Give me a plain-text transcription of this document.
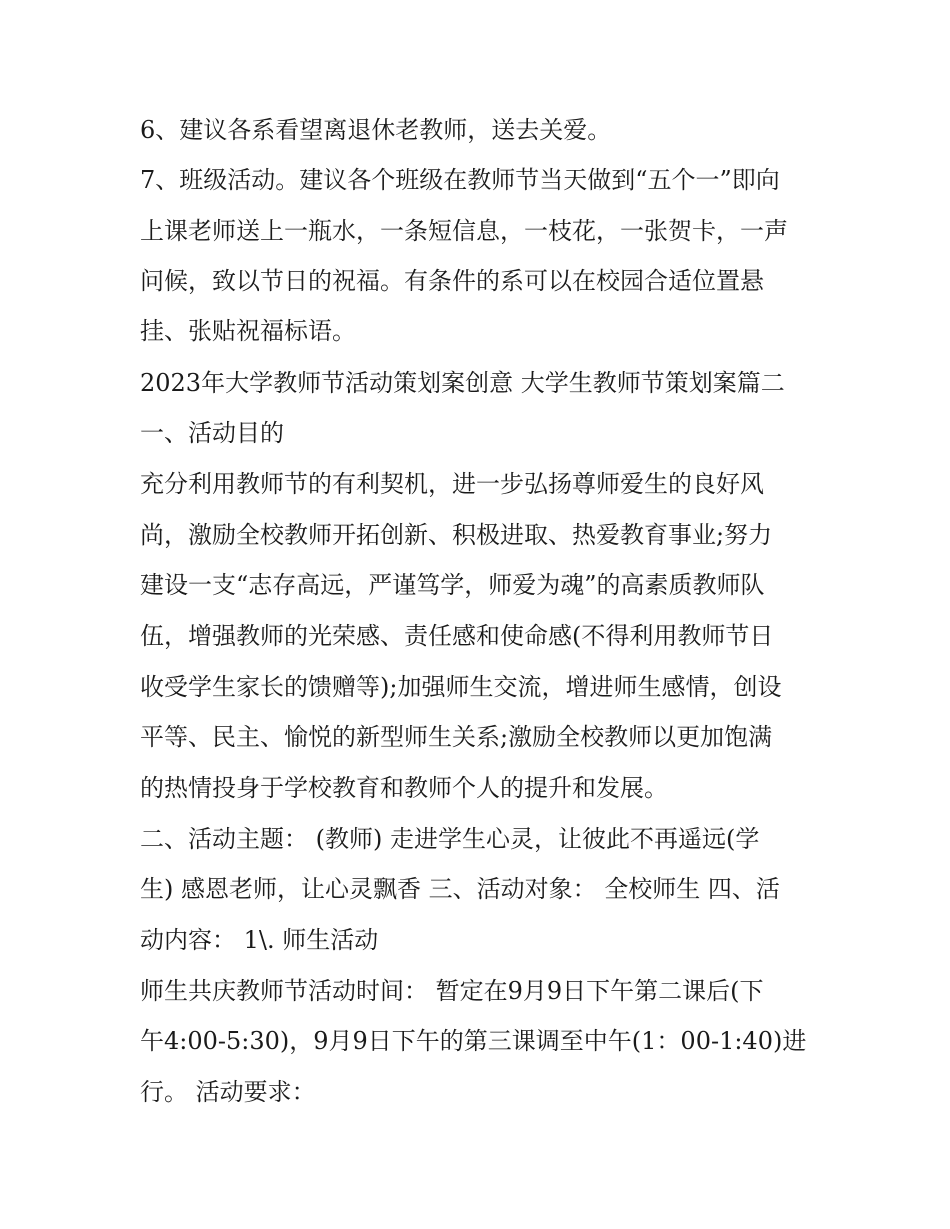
6、建议各系看望离退休老教师，送去关爱。

7、班级活动。建议各个班级在教师节当天做到“五个一”即向

上课老师送上一瓶水，一条短信息，一枝花，一张贺卡，一声

问候，致以节日的祝福。有条件的系可以在校园合适位置悬

挂、张贴祝福标语。

2023年大学教师节活动策划案创意 大学生教师节策划案篇二

一、活动目的

充分利用教师节的有利契机，进一步弘扬尊师爱生的良好风

尚，激励全校教师开拓创新、积极进取、热爱教育事业;努力

建设一支“志存高远，严谨笃学，师爱为魂”的高素质教师队

伍，增强教师的光荣感、责任感和使命感(不得利用教师节日

收受学生家长的馈赠等);加强师生交流，增进师生感情，创设

平等、民主、愉悦的新型师生关系;激励全校教师以更加饱满

的热情投身于学校教育和教师个人的提升和发展。

二、活动主题： (教师) 走进学生心灵，让彼此不再遥远(学

生) 感恩老师，让心灵飘香 三、活动对象： 全校师生 四、活

动内容： 1\. 师生活动

师生共庆教师节活动时间： 暂定在9月9日下午第二课后(下

午4:00-5:30)，9月9日下午的第三课调至中午(1：00-1:40)进

行。 活动要求：
